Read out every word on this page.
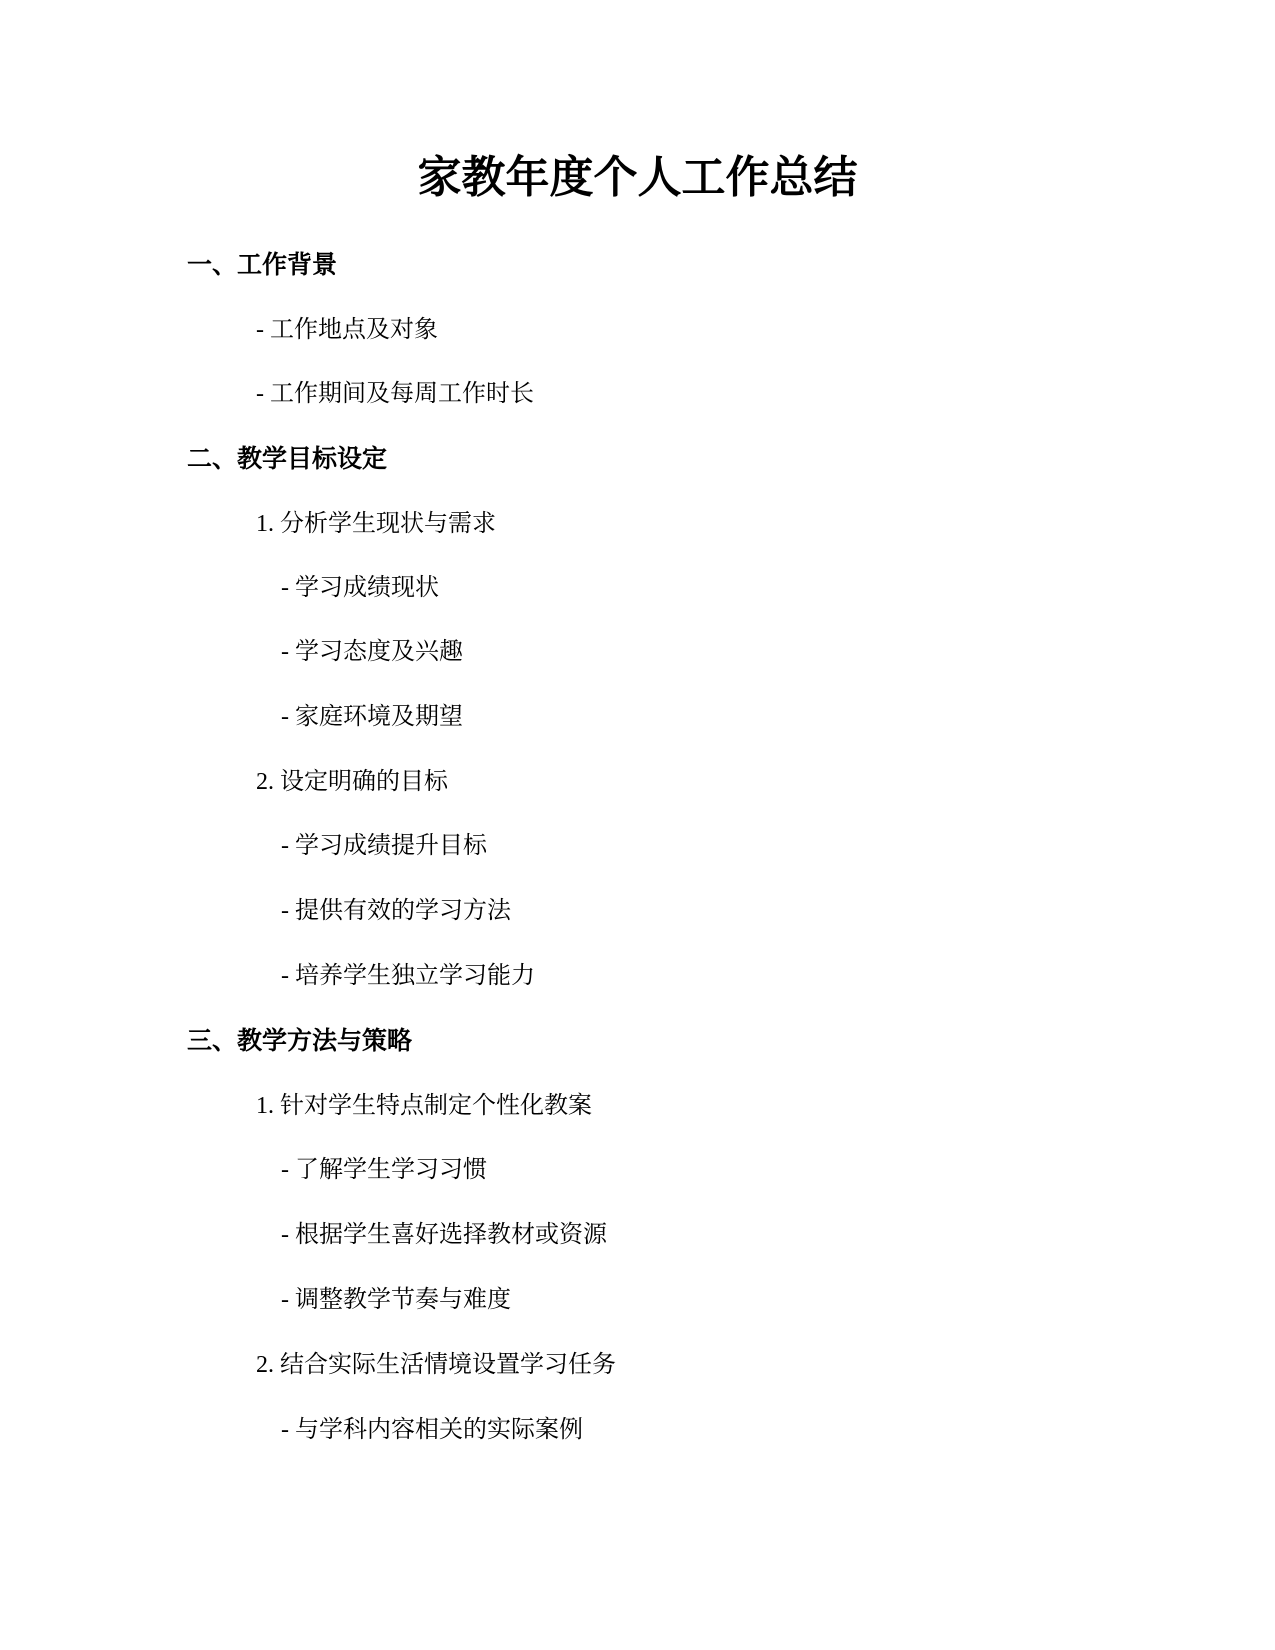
家教年度个人工作总结
一、工作背景

- 工作地点及对象

- 工作期间及每周工作时长

二、教学目标设定

1. 分析学生现状与需求

- 学习成绩现状

- 学习态度及兴趣

- 家庭环境及期望

2. 设定明确的目标

- 学习成绩提升目标

- 提供有效的学习方法

- 培养学生独立学习能力

三、教学方法与策略

1. 针对学生特点制定个性化教案

- 了解学生学习习惯

- 根据学生喜好选择教材或资源

- 调整教学节奏与难度

2. 结合实际生活情境设置学习任务

- 与学科内容相关的实际案例
